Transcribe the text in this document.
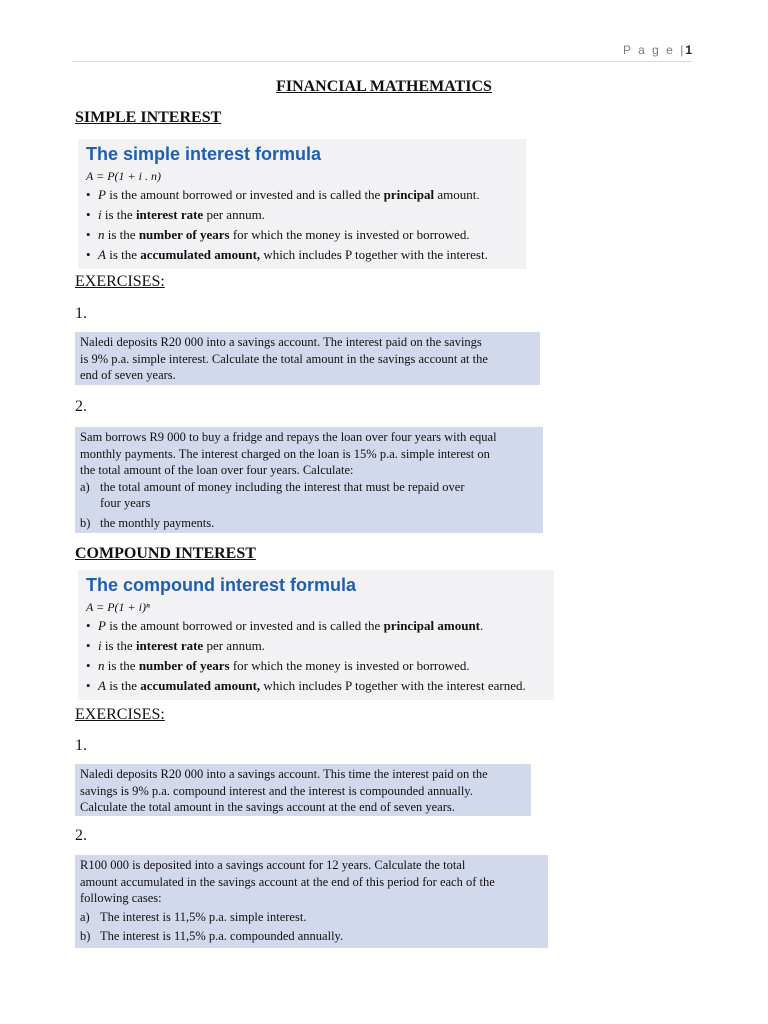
P a g e |1
FINANCIAL MATHEMATICS
SIMPLE INTEREST
The simple interest formula
A = P(1 + i . n)
• P is the amount borrowed or invested and is called the principal amount.
• i is the interest rate per annum.
• n is the number of years for which the money is invested or borrowed.
• A is the accumulated amount, which includes P together with the interest.
EXERCISES:
1.
Naledi deposits R20 000 into a savings account. The interest paid on the savings
is 9% p.a. simple interest. Calculate the total amount in the savings account at the
end of seven years.
2.
Sam borrows R9 000 to buy a fridge and repays the loan over four years with equal
monthly payments. The interest charged on the loan is 15% p.a. simple interest on
the total amount of the loan over four years. Calculate:
a) the total amount of money including the interest that must be repaid over
four years
b) the monthly payments.
COMPOUND INTEREST
The compound interest formula
A = P(1 + i)ⁿ
• P is the amount borrowed or invested and is called the principal amount.
• i is the interest rate per annum.
• n is the number of years for which the money is invested or borrowed.
• A is the accumulated amount, which includes P together with the interest earned.
EXERCISES:
1.
Naledi deposits R20 000 into a savings account. This time the interest paid on the
savings is 9% p.a. compound interest and the interest is compounded annually.
Calculate the total amount in the savings account at the end of seven years.
2.
R100 000 is deposited into a savings account for 12 years. Calculate the total
amount accumulated in the savings account at the end of this period for each of the
following cases:
a) The interest is 11,5% p.a. simple interest.
b) The interest is 11,5% p.a. compounded annually.
